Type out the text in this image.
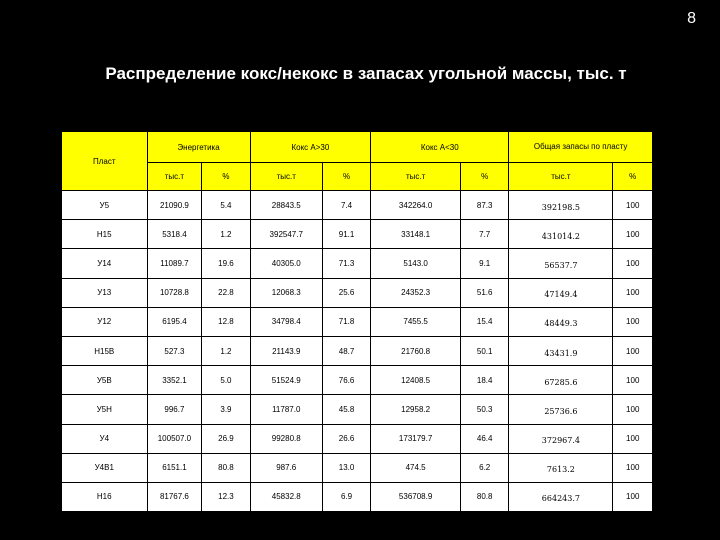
8
Распределение кокс/некокс в запасах угольной массы, тыс. т
Пласт	Энергетика		Кокс А>30		Кокс А<30		Общая запасы по пласту	
	тыс.т	%	тыс.т	%	тыс.т	%	тыс.т	%
У5	21090.9	5.4	28843.5	7.4	342264.0	87.3	392198.5	100
Н15	5318.4	1.2	392547.7	91.1	33148.1	7.7	431014.2	100
У14	11089.7	19.6	40305.0	71.3	5143.0	9.1	56537.7	100
У13	10728.8	22.8	12068.3	25.6	24352.3	51.6	47149.4	100
У12	6195.4	12.8	34798.4	71.8	7455.5	15.4	48449.3	100
Н15В	527.3	1.2	21143.9	48.7	21760.8	50.1	43431.9	100
У5В	3352.1	5.0	51524.9	76.6	12408.5	18.4	67285.6	100
У5Н	996.7	3.9	11787.0	45.8	12958.2	50.3	25736.6	100
У4	100507.0	26.9	99280.8	26.6	173179.7	46.4	372967.4	100
У4В1	6151.1	80.8	987.6	13.0	474.5	6.2	7613.2	100
Н16	81767.6	12.3	45832.8	6.9	536708.9	80.8	664243.7	100
